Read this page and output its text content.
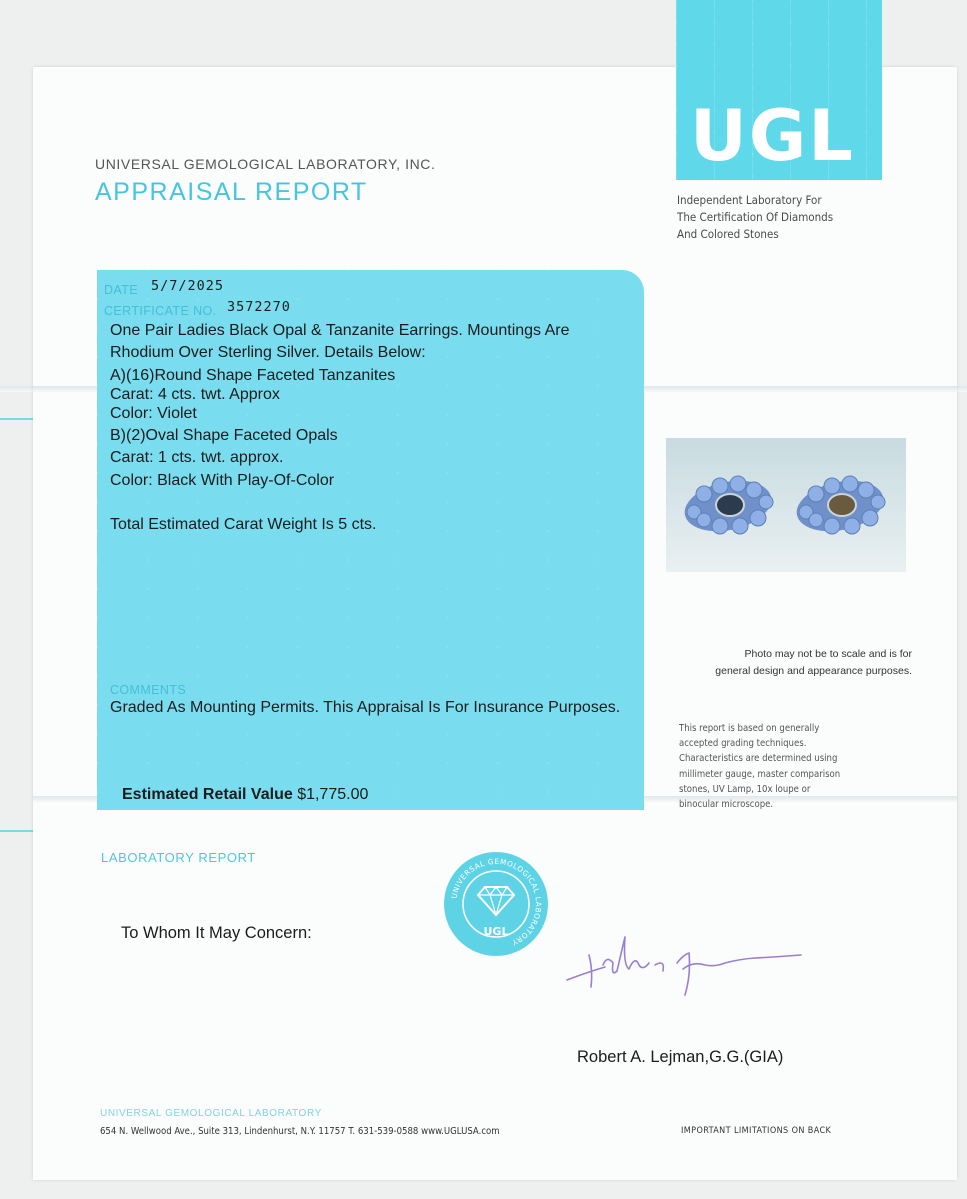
UGL
Independent Laboratory For
The Certification Of Diamonds
And Colored Stones
UNIVERSAL GEMOLOGICAL LABORATORY, INC.
APPRAISAL REPORT
DATE 5/7/2025
CERTIFICATE NO. 3572270

One Pair Ladies Black Opal & Tanzanite Earrings. Mountings Are

Rhodium Over Sterling Silver. Details Below:

A)(16)Round Shape Faceted Tanzanites

Carat: 4 cts. twt. Approx

Color: Violet

B)(2)Oval Shape Faceted Opals

Carat: 1 cts. twt. approx.

Color: Black With Play-Of-Color

Total Estimated Carat Weight Is 5 cts.

COMMENTS
Graded As Mounting Permits. This Appraisal Is For Insurance Purposes.
Estimated Retail Value $1,775.00
Photo may not be to scale and is for
general design and appearance purposes.
This report is based on generally
accepted grading techniques.
Characteristics are determined using
millimeter gauge, master comparison
stones, UV Lamp, 10x loupe or
binocular microscope.
LABORATORY REPORT
To Whom It May Concern:
UNIVERSAL GEMOLOGICAL LABORATORY
UGL
Robert A. Lejman,G.G.(GIA)
UNIVERSAL GEMOLOGICAL LABORATORY
654 N. Wellwood Ave., Suite 313, Lindenhurst, N.Y. 11757 T. 631-539-0588 www.UGLUSA.com	IMPORTANT LIMITATIONS ON BACK
